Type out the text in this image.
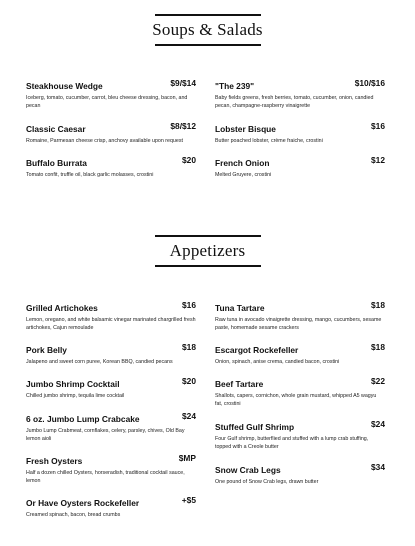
Soups & Salads
Steakhouse Wedge	$9/$14
Iceberg, tomato, cucumber, carrot, bleu cheese dressing, bacon, and pecan
Classic Caesar	$8/$12
Romaine, Parmesan cheese crisp, anchovy available upon request
Buffalo Burrata	$20
Tomato confit, truffle oil, black garlic molasses, crostini
"The 239"	$10/$16
Baby fields greens, fresh berries, tomato, cucumber, onion, candied pecan, champagne-raspberry vinaigrette
Lobster Bisque	$16
Butter poached lobster, crème fraiche, crostini
French Onion	$12
Melted Gruyere, crostini
Appetizers
Grilled Artichokes	$16
Lemon, oregano, and white balsamic vinegar marinated chargrilled fresh artichokes, Cajun remoulade
Pork Belly	$18
Jalapeno and sweet corn puree, Korean BBQ, candied pecans
Jumbo Shrimp Cocktail	$20
Chilled jumbo shrimp, tequila lime cocktail
6 oz. Jumbo Lump Crabcake	$24
Jumbo Lump Crabmeat, cornflakes, celery, parsley, chives, Old Bay lemon aioli
Fresh Oysters	$MP
Half a dozen chilled Oysters, horseradish, traditional cocktail sauce, lemon
Or Have Oysters Rockefeller	+$5
Creamed spinach, bacon, bread crumbs
Tuna Tartare	$18
Raw tuna in avocado vinaigrette dressing, mango, cucumbers, sesame paste, homemade sesame crackers
Escargot Rockefeller	$18
Onion, spinach, anise crema, candied bacon, crostini
Beef Tartare	$22
Shallots, capers, cornichon, whole grain mustard, whipped A5 wagyu fat, crostini
Stuffed Gulf Shrimp	$24
Four Gulf shrimp, butterflied and stuffed with a lump crab stuffing, topped with a Creole butter
Snow Crab Legs	$34
One pound of Snow Crab legs, drawn butter
